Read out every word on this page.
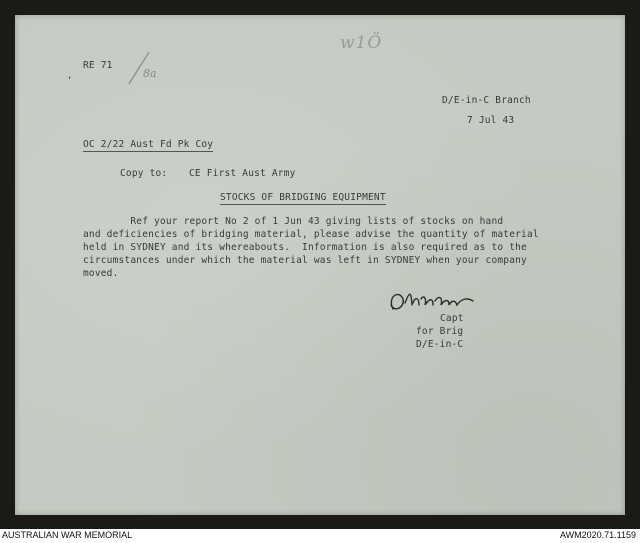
‚
RE 71
8a
w1Ö
D/E-in-C Branch
7 Jul 43
OC 2/22 Aust Fd Pk Coy
Copy to: CE First Aust Army
STOCKS OF BRIDGING EQUIPMENT
Ref your report No 2 of 1 Jun 43 giving lists of stocks on hand
and deficiencies of bridging material, please advise the quantity of material
held in SYDNEY and its whereabouts.  Information is also required as to the
circumstances under which the material was left in SYDNEY when your company
moved.
Capt
for Brig
D/E-in-C
AUSTRALIAN WAR MEMORIAL	AWM2020.71.1159
